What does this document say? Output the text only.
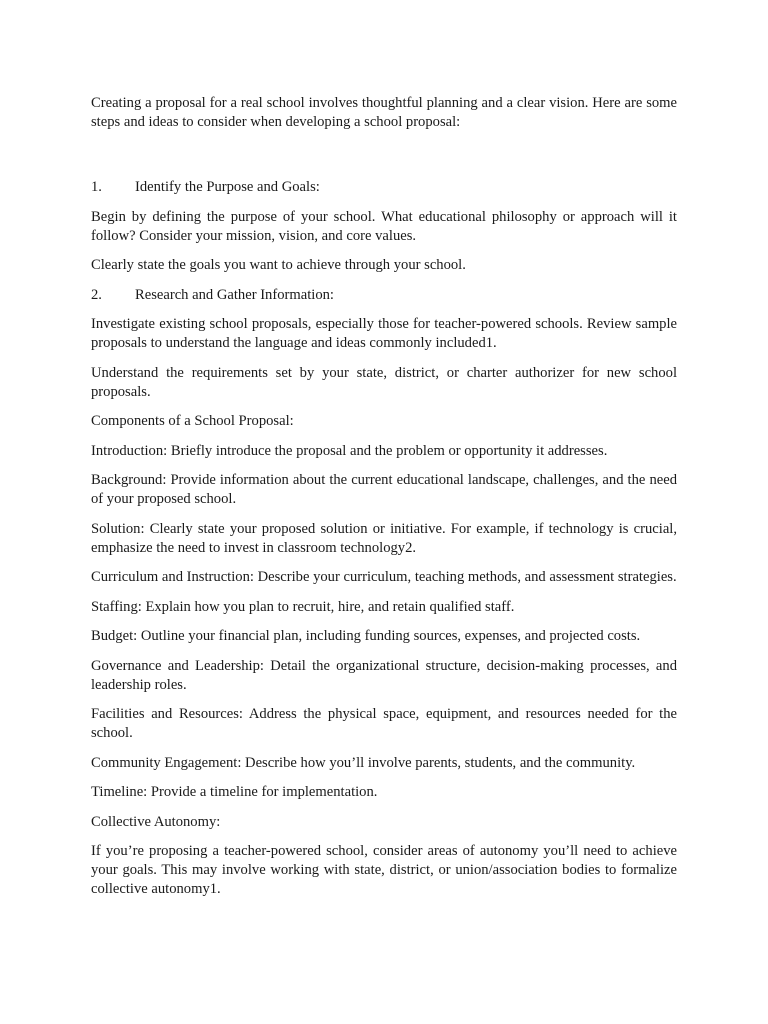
Creating a proposal for a real school involves thoughtful planning and a clear vision. Here are some steps and ideas to consider when developing a school proposal:

1.	Identify the Purpose and Goals:

Begin by defining the purpose of your school. What educational philosophy or approach will it follow? Consider your mission, vision, and core values.

Clearly state the goals you want to achieve through your school.

2.	Research and Gather Information:

Investigate existing school proposals, especially those for teacher-powered schools. Review sample proposals to understand the language and ideas commonly included1.

Understand the requirements set by your state, district, or charter authorizer for new school proposals.

Components of a School Proposal:

Introduction: Briefly introduce the proposal and the problem or opportunity it addresses.

Background: Provide information about the current educational landscape, challenges, and the need of your proposed school.

Solution: Clearly state your proposed solution or initiative. For example, if technology is crucial, emphasize the need to invest in classroom technology2.

Curriculum and Instruction: Describe your curriculum, teaching methods, and assessment strategies.

Staffing: Explain how you plan to recruit, hire, and retain qualified staff.

Budget: Outline your financial plan, including funding sources, expenses, and projected costs.

Governance and Leadership: Detail the organizational structure, decision-making processes, and leadership roles.

Facilities and Resources: Address the physical space, equipment, and resources needed for the school.

Community Engagement: Describe how you’ll involve parents, students, and the community.

Timeline: Provide a timeline for implementation.

Collective Autonomy:

If you’re proposing a teacher-powered school, consider areas of autonomy you’ll need to achieve your goals. This may involve working with state, district, or union/association bodies to formalize collective autonomy1.
